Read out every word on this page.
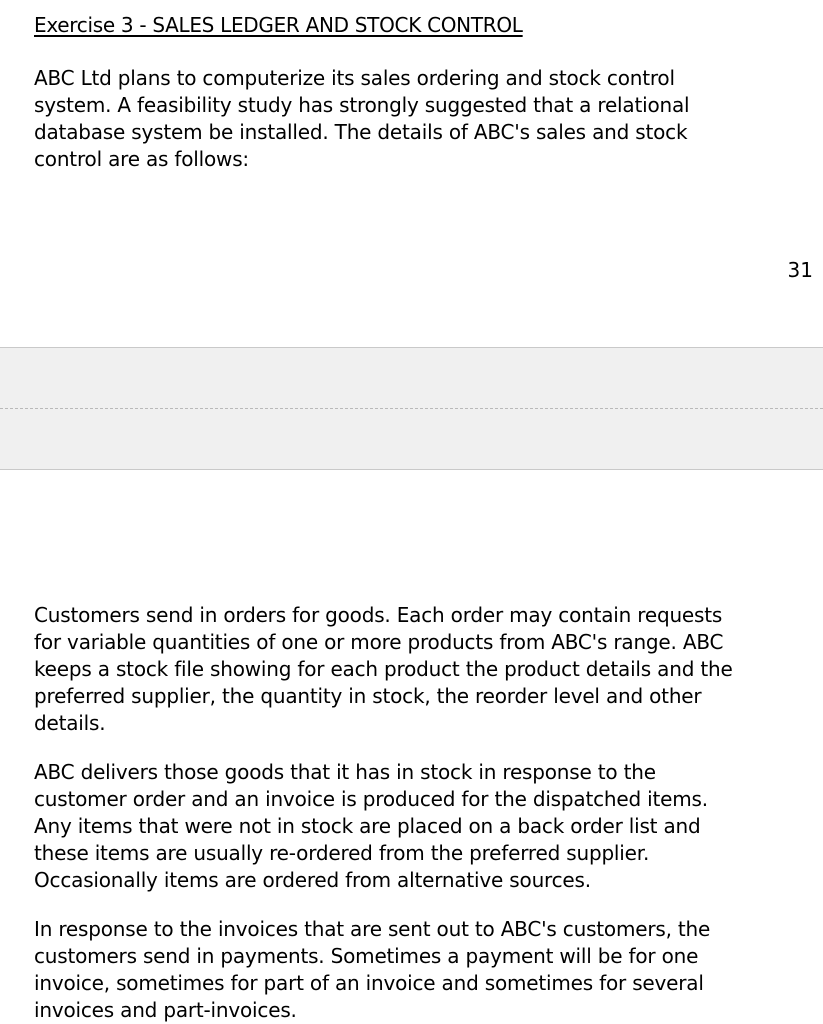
Exercise 3 - SALES LEDGER AND STOCK CONTROL

ABC Ltd plans to computerize its sales ordering and stock control
system. A feasibility study has strongly suggested that a relational
database system be installed. The details of ABC's sales and stock
control are as follows:

31

Customers send in orders for goods. Each order may contain requests
for variable quantities of one or more products from ABC's range. ABC
keeps a stock file showing for each product the product details and the
preferred supplier, the quantity in stock, the reorder level and other
details.

ABC delivers those goods that it has in stock in response to the
customer order and an invoice is produced for the dispatched items.
Any items that were not in stock are placed on a back order list and
these items are usually re-ordered from the preferred supplier.
Occasionally items are ordered from alternative sources.

In response to the invoices that are sent out to ABC's customers, the
customers send in payments. Sometimes a payment will be for one
invoice, sometimes for part of an invoice and sometimes for several
invoices and part-invoices.
